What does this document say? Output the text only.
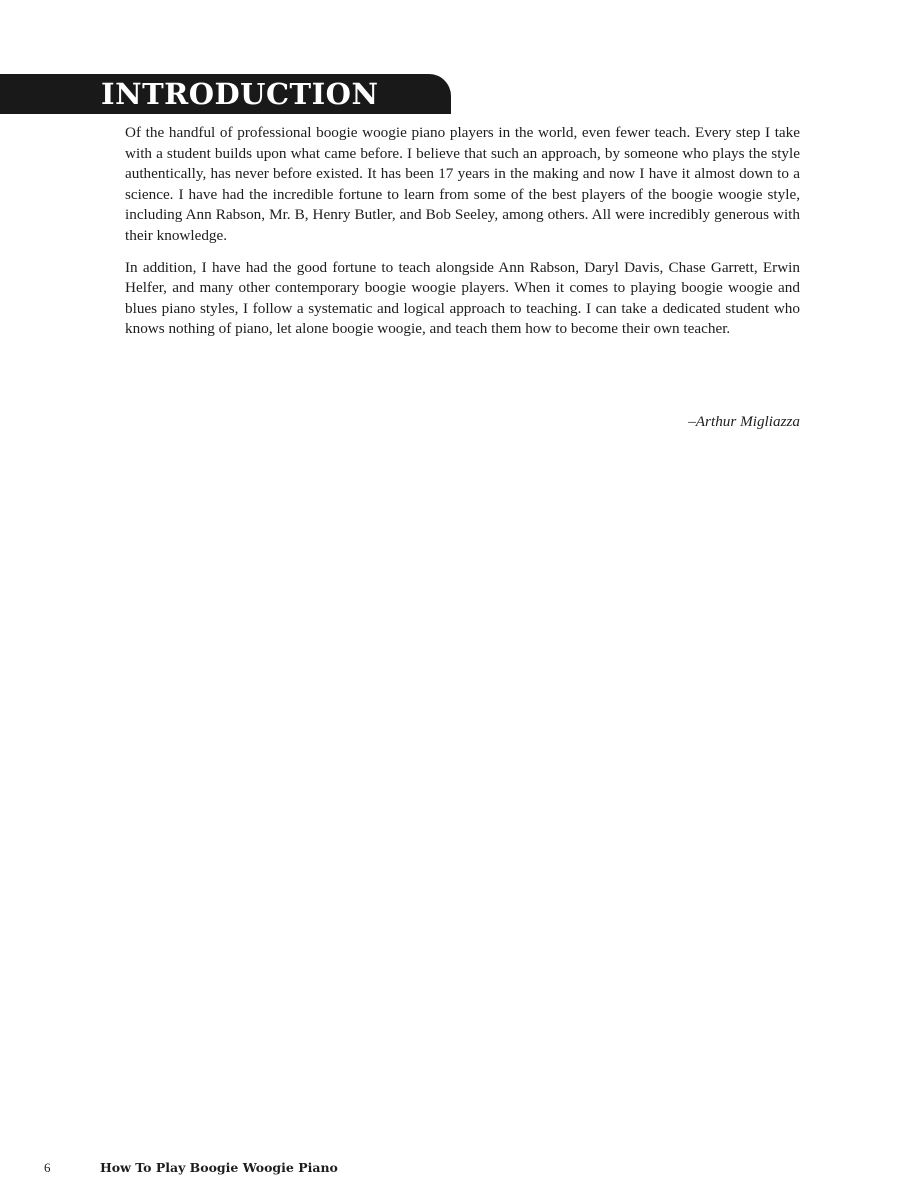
INTRODUCTION

Of the handful of professional boogie woogie piano players in the world, even fewer teach. Every step I take with a student builds upon what came before. I believe that such an approach, by someone who plays the style authentically, has never before existed. It has been 17 years in the making and now I have it almost down to a science. I have had the incredible fortune to learn from some of the best players of the boogie woogie style, including Ann Rabson, Mr. B, Henry Butler, and Bob Seeley, among others. All were incredibly generous with their knowledge.

In addition, I have had the good fortune to teach alongside Ann Rabson, Daryl Davis, Chase Garrett, Erwin Helfer, and many other contemporary boogie woogie players. When it comes to playing boogie woogie and blues piano styles, I follow a systematic and logical approach to teaching. I can take a dedicated student who knows nothing of piano, let alone boogie woogie, and teach them how to become their own teacher.

–Arthur Migliazza
6	How To Play Boogie Woogie Piano
